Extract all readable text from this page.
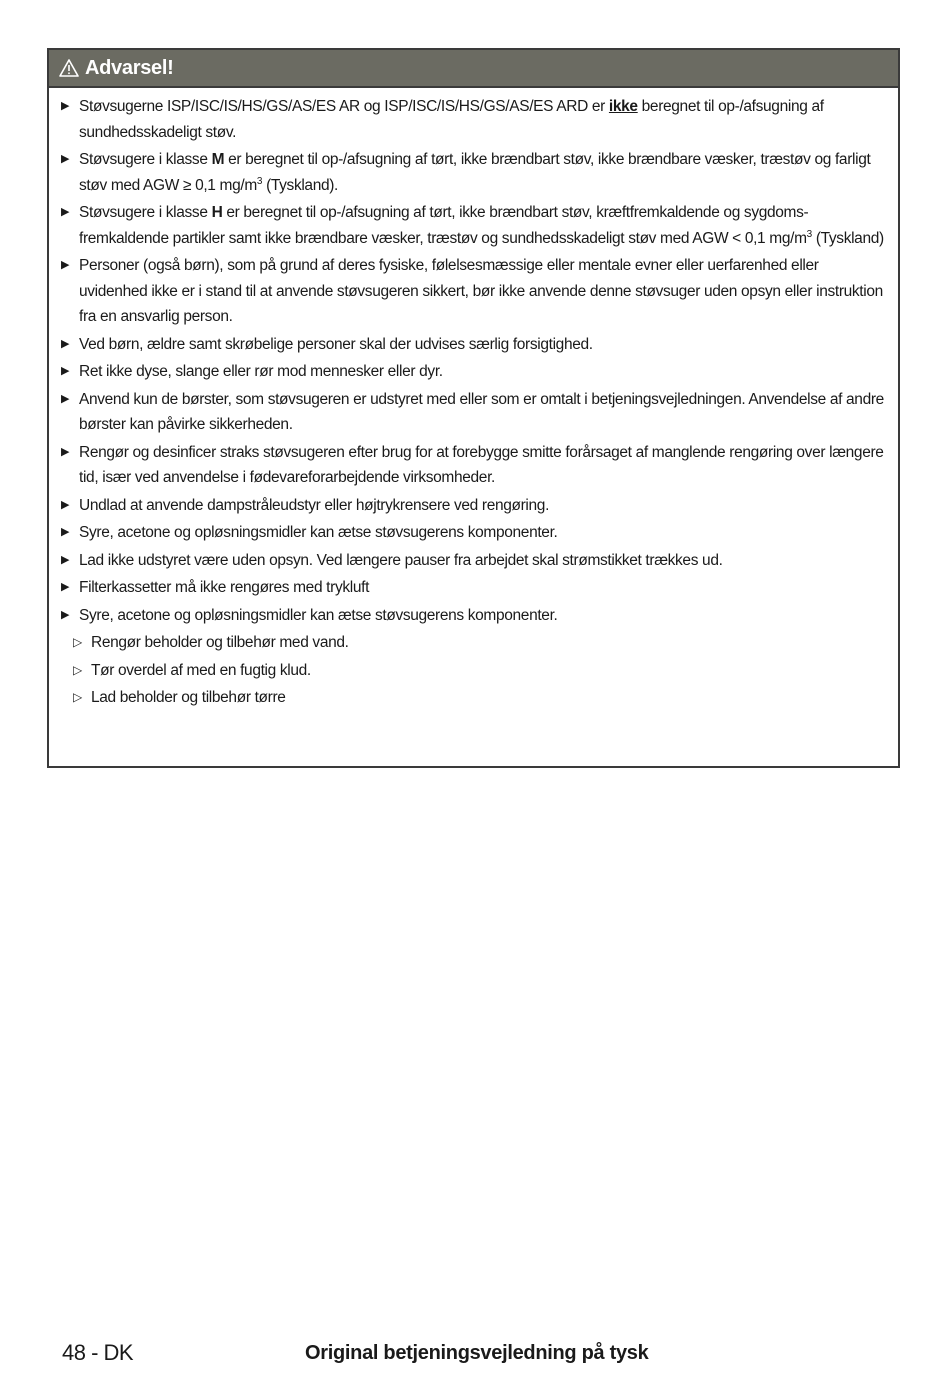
Advarsel!
▶ Støvsugerne ISP/ISC/IS/HS/GS/AS/ES AR og ISP/ISC/IS/HS/GS/AS/ES ARD er ikke beregnet til op-/afsugning af sundhedsskadeligt støv.
▶ Støvsugere i klasse M er beregnet til op-/afsugning af tørt, ikke brændbart støv, ikke brændbare væsker, træstøv og farligt støv med AGW ≥ 0,1 $mg/m^3$ (Tyskland).
▶ Støvsugere i klasse H er beregnet til op-/afsugning af tørt, ikke brændbart støv, kræftfremkaldende og sygdoms-fremkaldende partikler samt ikke brændbare væsker, træstøv og sundhedsskadeligt støv med AGW < 0,1 $mg/m^3$ (Tyskland)
▶ Personer (også børn), som på grund af deres fysiske, følelsesmæssige eller mentale evner eller uerfarenhed eller uvidenhed ikke er i stand til at anvende støvsugeren sikkert, bør ikke anvende denne støvsuger uden opsyn eller instruktion fra en ansvarlig person.
▶ Ved børn, ældre samt skrøbelige personer skal der udvises særlig forsigtighed.
▶ Ret ikke dyse, slange eller rør mod mennesker eller dyr.
▶ Anvend kun de børster, som støvsugeren er udstyret med eller som er omtalt i betjeningsvejledningen. Anvendelse af andre børster kan påvirke sikkerheden.
▶ Rengør og desinficer straks støvsugeren efter brug for at forebygge smitte forårsaget af manglende rengøring over længere tid, især ved anvendelse i fødevareforarbejdende virksomheder.
▶ Undlad at anvende dampstråleudstyr eller højtrykrensere ved rengøring.
▶ Syre, acetone og opløsningsmidler kan ætse støvsugerens komponenter.
▶ Lad ikke udstyret være uden opsyn. Ved længere pauser fra arbejdet skal strømstikket trækkes ud.
▶ Filterkassetter må ikke rengøres med trykluft
▶ Syre, acetone og opløsningsmidler kan ætse støvsugerens komponenter.
▷ Rengør beholder og tilbehør med vand.
▷ Tør overdel af med en fugtig klud.
▷ Lad beholder og tilbehør tørre
48 - DK	Original betjeningsvejledning på tysk
